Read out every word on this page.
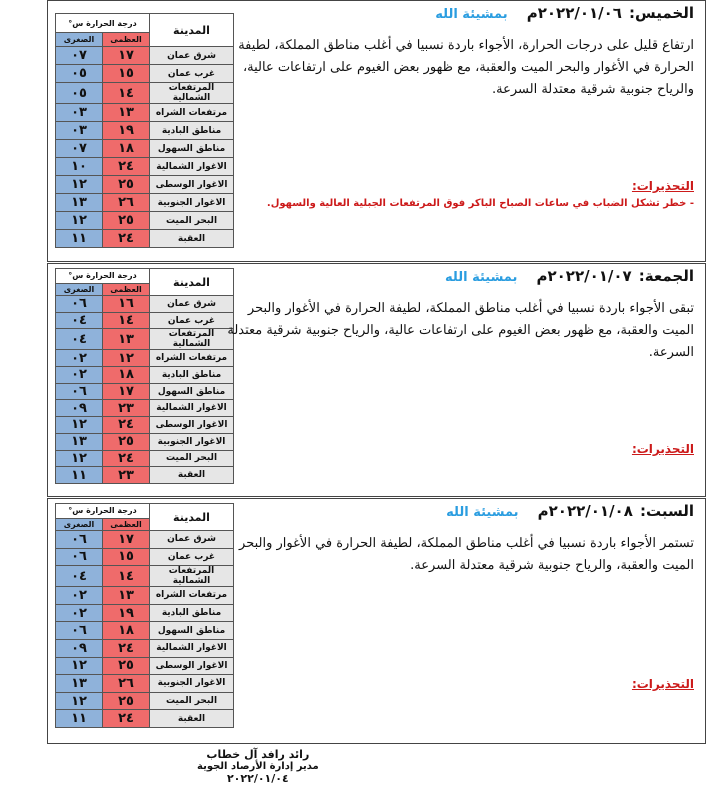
المدينة	درجة الحرارة س°	
	العظمى	الصغرى
شرق عمان	١٧	٠٧
غرب عمان	١٥	٠٥
المرتفعات الشمالية	١٤	٠٥
مرتفعات الشراه	١٣	٠٣
مناطق البادية	١٩	٠٣
مناطق السهول	١٨	٠٧
الاغوار الشمالية	٢٤	١٠
الاغوار الوسطى	٢٥	١٢
الاغوار الجنوبية	٢٦	١٣
البحر الميت	٢٥	١٢
العقبة	٢٤	١١
الخميس: ٢٠٢٢/٠١/٠٦م بمشيئة الله
ارتفاع قليل على درجات الحرارة، الأجواء باردة نسبيا في أغلب مناطق المملكة، لطيفة الحرارة في الأغوار والبحر الميت والعقبة، مع ظهور بعض الغيوم على ارتفاعات عالية، والرياح جنوبية شرقية معتدلة السرعة.
التحذيرات:
- خطر تشكل الضباب في ساعات الصباح الباكر فوق المرتفعات الجبلية العالية والسهول.
المدينة	درجة الحرارة س°	
	العظمى	الصغرى
شرق عمان	١٦	٠٦
غرب عمان	١٤	٠٤
المرتفعات الشمالية	١٣	٠٤
مرتفعات الشراه	١٢	٠٢
مناطق البادية	١٨	٠٢
مناطق السهول	١٧	٠٦
الاغوار الشمالية	٢٣	٠٩
الاغوار الوسطى	٢٤	١٢
الاغوار الجنوبية	٢٥	١٣
البحر الميت	٢٤	١٢
العقبة	٢٣	١١
الجمعة: ٢٠٢٢/٠١/٠٧م بمشيئة الله
تبقى الأجواء باردة نسبيا في أغلب مناطق المملكة، لطيفة الحرارة في الأغوار والبحر الميت والعقبة، مع ظهور بعض الغيوم على ارتفاعات عالية، والرياح جنوبية شرقية معتدلة السرعة.
التحذيرات:
المدينة	درجة الحرارة س°	
	العظمى	الصغرى
شرق عمان	١٧	٠٦
غرب عمان	١٥	٠٦
المرتفعات الشمالية	١٤	٠٤
مرتفعات الشراه	١٣	٠٢
مناطق البادية	١٩	٠٢
مناطق السهول	١٨	٠٦
الاغوار الشمالية	٢٤	٠٩
الاغوار الوسطى	٢٥	١٢
الاغوار الجنوبية	٢٦	١٣
البحر الميت	٢٥	١٢
العقبة	٢٤	١١
السبت: ٢٠٢٢/٠١/٠٨م بمشيئة الله
تستمر الأجواء باردة نسبيا في أغلب مناطق المملكة، لطيفة الحرارة في الأغوار والبحر الميت والعقبة، والرياح جنوبية شرقية معتدلة السرعة.
التحذيرات:
رائد رافد آل خطاب
مدير إدارة الأرصاد الجوية
٢٠٢٢/٠١/٠٤
